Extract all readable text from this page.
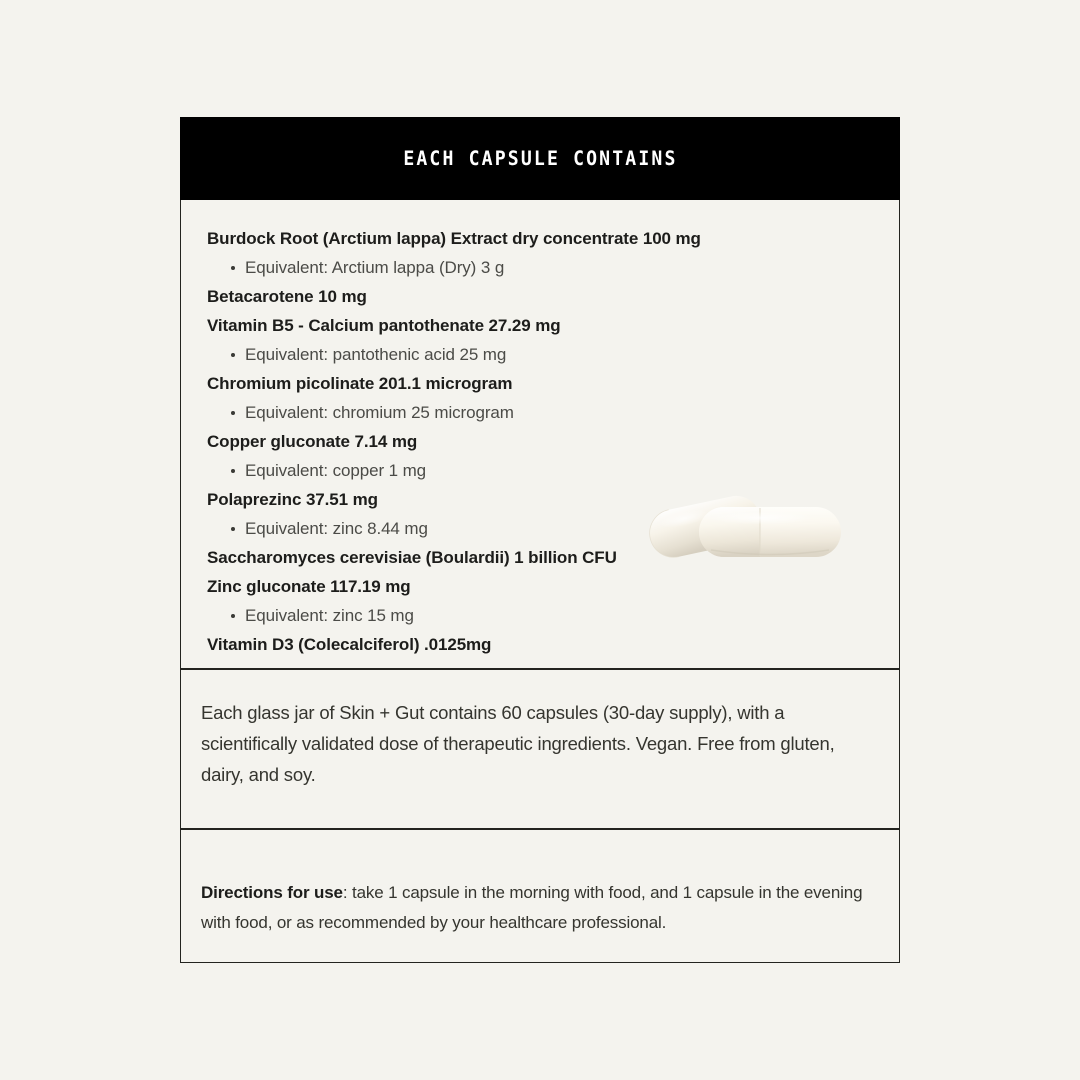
EACH CAPSULE CONTAINS
Burdock Root (Arctium lappa) Extract dry concentrate 100 mg
Equivalent: Arctium lappa (Dry) 3 g
Betacarotene 10 mg
Vitamin B5 - Calcium pantothenate 27.29 mg
Equivalent: pantothenic acid 25 mg
Chromium picolinate 201.1 microgram
Equivalent: chromium 25 microgram
Copper gluconate 7.14 mg
Equivalent: copper 1 mg
Polaprezinc 37.51 mg
Equivalent: zinc 8.44 mg
Saccharomyces cerevisiae (Boulardii) 1 billion CFU
Zinc gluconate 117.19 mg
Equivalent: zinc 15 mg
Vitamin D3 (Colecalciferol) .0125mg

Each glass jar of Skin + Gut contains 60 capsules (30-day supply), with a scientifically validated dose of therapeutic ingredients. Vegan. Free from gluten, dairy, and soy.

Directions for use: take 1 capsule in the morning with food, and 1 capsule in the evening with food, or as recommended by your healthcare professional.
